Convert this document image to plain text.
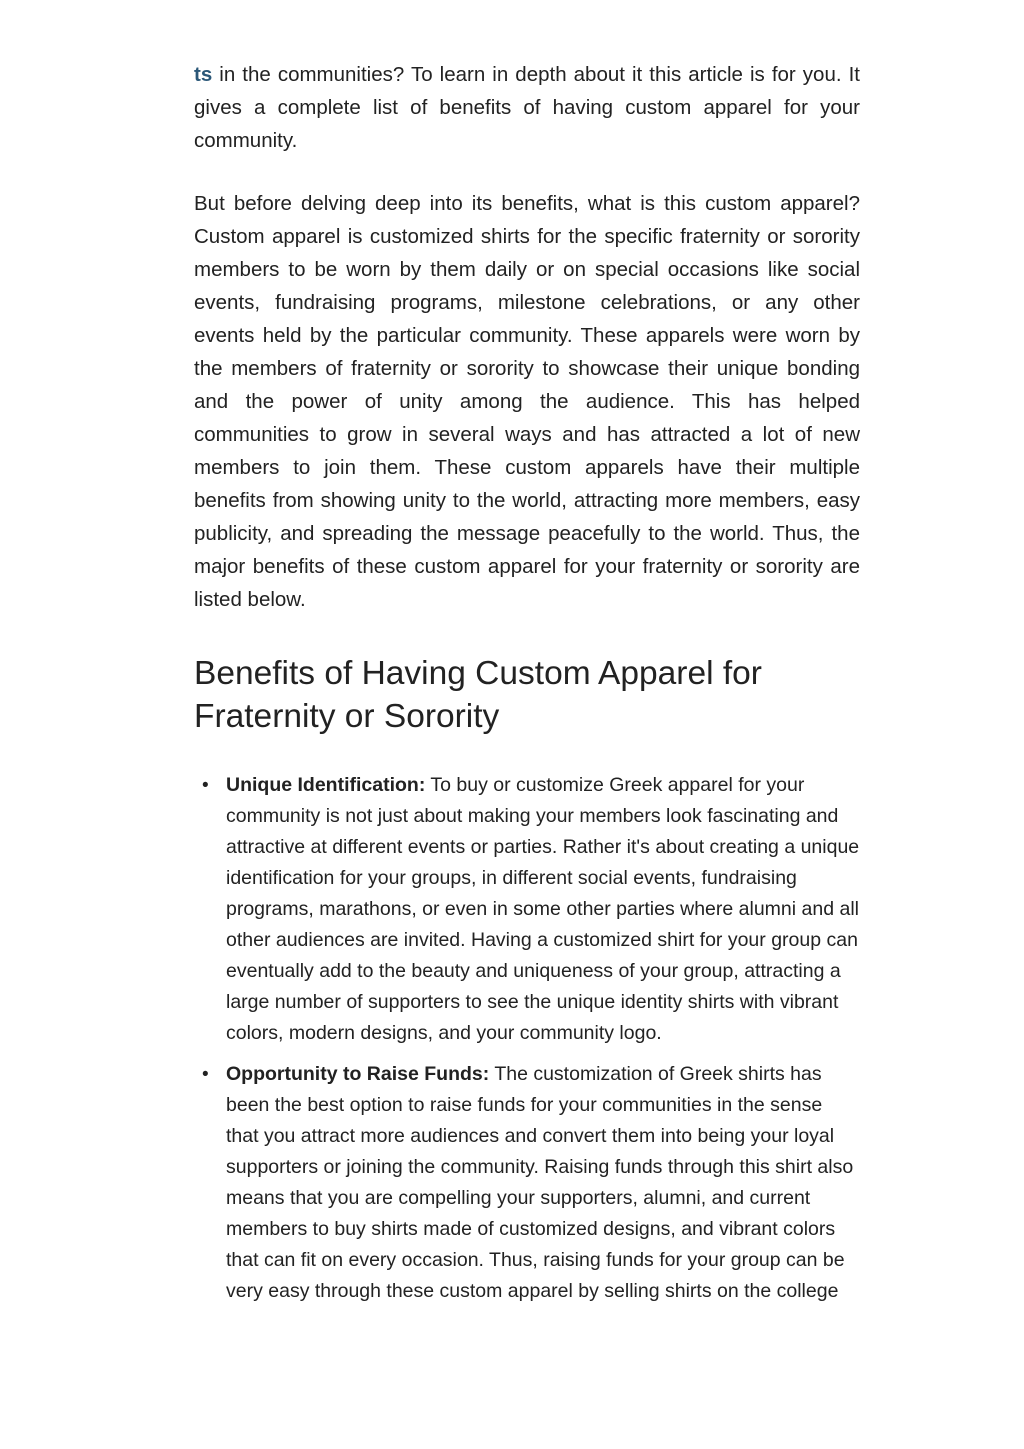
ts in the communities? To learn in depth about it this article is for you. It gives a complete list of benefits of having custom apparel for your community.

But before delving deep into its benefits, what is this custom apparel? Custom apparel is customized shirts for the specific fraternity or sorority members to be worn by them daily or on special occasions like social events, fundraising programs, milestone celebrations, or any other events held by the particular community. These apparels were worn by the members of fraternity or sorority to showcase their unique bonding and the power of unity among the audience. This has helped communities to grow in several ways and has attracted a lot of new members to join them. These custom apparels have their multiple benefits from showing unity to the world, attracting more members, easy publicity, and spreading the message peacefully to the world. Thus, the major benefits of these custom apparel for your fraternity or sorority are listed below.

Benefits of Having Custom Apparel for Fraternity or Sorority
• Unique Identification: To buy or customize Greek apparel for your community is not just about making your members look fascinating and attractive at different events or parties. Rather it's about creating a unique identification for your groups, in different social events, fundraising programs, marathons, or even in some other parties where alumni and all other audiences are invited. Having a customized shirt for your group can eventually add to the beauty and uniqueness of your group, attracting a large number of supporters to see the unique identity shirts with vibrant colors, modern designs, and your community logo.
• Opportunity to Raise Funds: The customization of Greek shirts has been the best option to raise funds for your communities in the sense that you attract more audiences and convert them into being your loyal supporters or joining the community. Raising funds through this shirt also means that you are compelling your supporters, alumni, and current members to buy shirts made of customized designs, and vibrant colors that can fit on every occasion. Thus, raising funds for your group can be very easy through these custom apparel by selling shirts on the college
